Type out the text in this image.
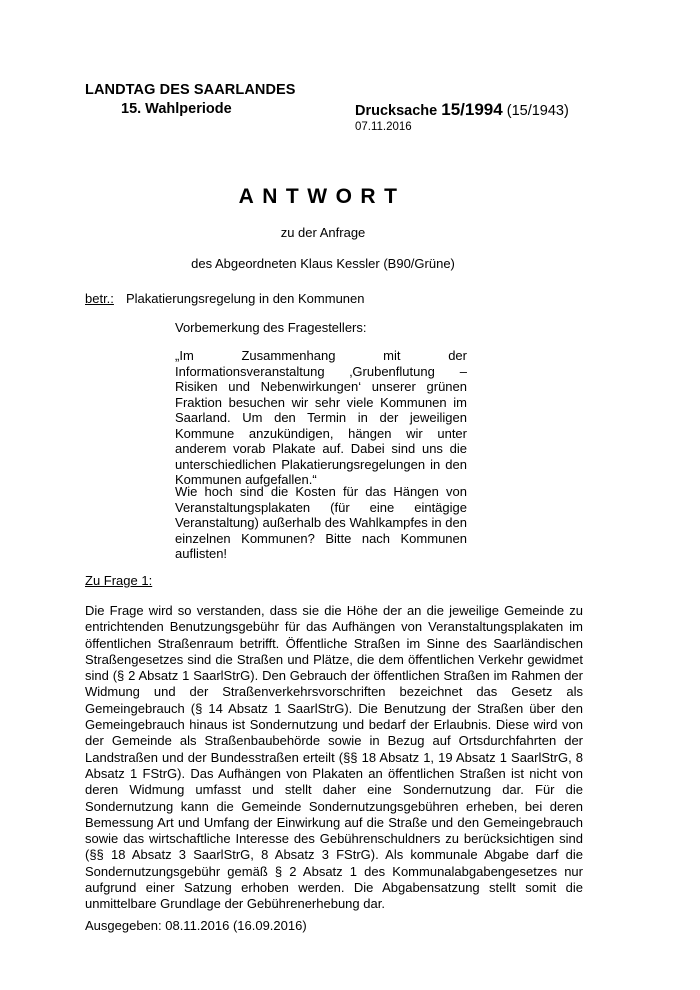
LANDTAG DES SAARLANDES
15. Wahlperiode	Drucksache 15/1994 (15/1943)
07.11.2016
ANTWORT
zu der Anfrage
des Abgeordneten Klaus Kessler (B90/Grüne)
betr.: Plakatierungsregelung in den Kommunen
Vorbemerkung des Fragestellers:
„Im Zusammenhang mit der Informationsveranstaltung ‚Grubenflutung – Risiken und Nebenwirkungen‘ unserer grünen Fraktion besuchen wir sehr viele Kommunen im Saarland. Um den Termin in der jeweiligen Kommune anzukündigen, hängen wir unter anderem vorab Plakate auf. Dabei sind uns die unterschiedlichen Plakatierungsregelungen in den Kommunen aufgefallen.“
Wie hoch sind die Kosten für das Hängen von Veranstaltungsplakaten (für eine eintägige Veranstaltung) außerhalb des Wahlkampfes in den einzelnen Kommunen? Bitte nach Kommunen auflisten!
Zu Frage 1:
Die Frage wird so verstanden, dass sie die Höhe der an die jeweilige Gemeinde zu entrichtenden Benutzungsgebühr für das Aufhängen von Veranstaltungsplakaten im öffentlichen Straßenraum betrifft. Öffentliche Straßen im Sinne des Saarländischen Straßengesetzes sind die Straßen und Plätze, die dem öffentlichen Verkehr gewidmet sind (§ 2 Absatz 1 SaarlStrG). Den Gebrauch der öffentlichen Straßen im Rahmen der Widmung und der Straßenverkehrsvorschriften bezeichnet das Gesetz als Gemeingebrauch (§ 14 Absatz 1 SaarlStrG). Die Benutzung der Straßen über den Gemeingebrauch hinaus ist Sondernutzung und bedarf der Erlaubnis. Diese wird von der Gemeinde als Straßenbaubehörde sowie in Bezug auf Ortsdurchfahrten der Landstraßen und der Bundesstraßen erteilt (§§ 18 Absatz 1, 19 Absatz 1 SaarlStrG, 8 Absatz 1 FStrG). Das Aufhängen von Plakaten an öffentlichen Straßen ist nicht von deren Widmung umfasst und stellt daher eine Sondernutzung dar. Für die Sondernutzung kann die Gemeinde Sondernutzungsgebühren erheben, bei deren Bemessung Art und Umfang der Einwirkung auf die Straße und den Gemeingebrauch sowie das wirtschaftliche Interesse des Gebührenschuldners zu berücksichtigen sind (§§ 18 Absatz 3 SaarlStrG, 8 Absatz 3 FStrG). Als kommunale Abgabe darf die Sondernutzungsgebühr gemäß § 2 Absatz 1 des Kommunalabgabengesetzes nur aufgrund einer Satzung erhoben werden. Die Abgabensatzung stellt somit die unmittelbare Grundlage der Gebührenerhebung dar.
Ausgegeben: 08.11.2016 (16.09.2016)
